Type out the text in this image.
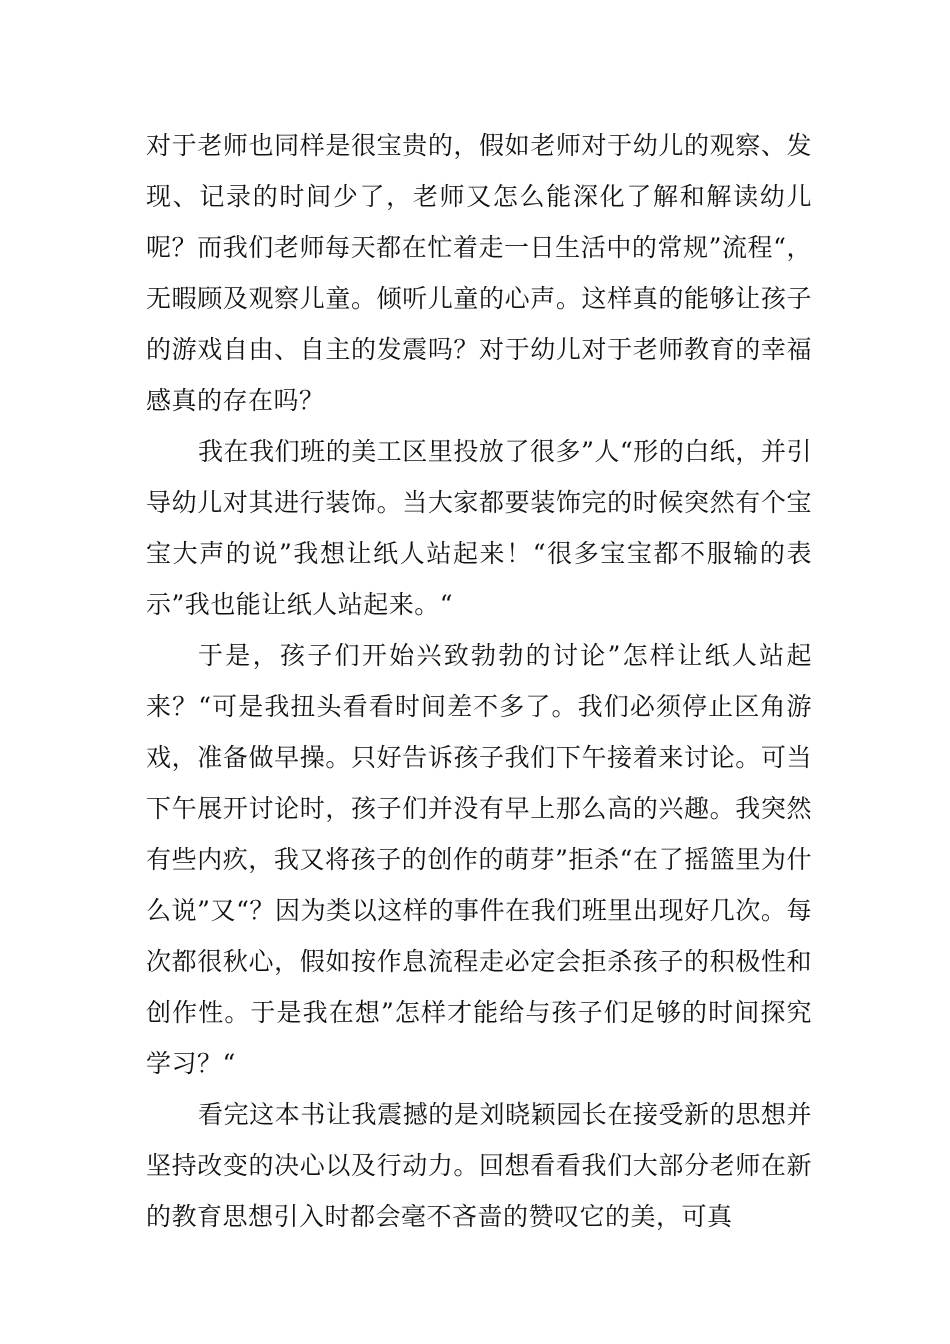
对于老师也同样是很宝贵的，假如老师对于幼儿的观察、发现、记录的时间少了，老师又怎么能深化了解和解读幼儿呢？而我们老师每天都在忙着走一日生活中的常规”流程“，无暇顾及观察儿童。倾听儿童的心声。这样真的能够让孩子的游戏自由、自主的发震吗？对于幼儿对于老师教育的幸福感真的存在吗？

我在我们班的美工区里投放了很多”人“形的白纸，并引导幼儿对其进行装饰。当大家都要装饰完的时候突然有个宝宝大声的说”我想让纸人站起来！“很多宝宝都不服输的表示”我也能让纸人站起来。“

于是，孩子们开始兴致勃勃的讨论”怎样让纸人站起来？“可是我扭头看看时间差不多了。我们必须停止区角游戏，准备做早操。只好告诉孩子我们下午接着来讨论。可当下午展开讨论时，孩子们并没有早上那么高的兴趣。我突然有些内疚，我又将孩子的创作的萌芽”拒杀“在了摇篮里为什么说”又“？因为类以这样的事件在我们班里出现好几次。每次都很秋心，假如按作息流程走必定会拒杀孩子的积极性和创作性。于是我在想”怎样才能给与孩子们足够的时间探究学习？“

看完这本书让我震撼的是刘晓颖园长在接受新的思想并坚持改变的决心以及行动力。回想看看我们大部分老师在新的教育思想引入时都会毫不吝啬的赞叹它的美，可真
